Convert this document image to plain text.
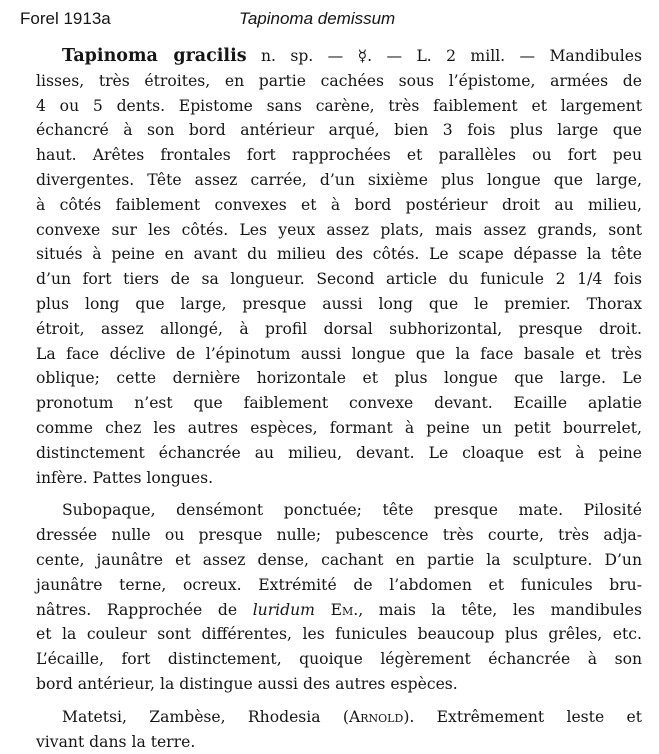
Forel 1913a	Tapinoma demissum
Tapinoma gracilis n. sp. — ☿. — L. 2 mill. — Mandibules
lisses, très étroites, en partie cachées sous l’épistome, armées de
4 ou 5 dents. Epistome sans carène, très faiblement et largement
échancré à son bord antérieur arqué, bien 3 fois plus large que
haut. Arêtes frontales fort rapprochées et parallèles ou fort peu
divergentes. Tête assez carrée, d’un sixième plus longue que large,
à côtés faiblement convexes et à bord postérieur droit au milieu,
convexe sur les côtés. Les yeux assez plats, mais assez grands, sont
situés à peine en avant du milieu des côtés. Le scape dépasse la tête
d’un fort tiers de sa longueur. Second article du funicule 2 1/4 fois
plus long que large, presque aussi long que le premier. Thorax
étroit, assez allongé, à profil dorsal subhorizontal, presque droit.
La face déclive de l’épinotum aussi longue que la face basale et très
oblique; cette dernière horizontale et plus longue que large. Le
pronotum n’est que faiblement convexe devant. Ecaille aplatie
comme chez les autres espèces, formant à peine un petit bourrelet,
distinctement échancrée au milieu, devant. Le cloaque est à peine
infère. Pattes longues.
Subopaque, densémont ponctuée; tête presque mate. Pilosité
dressée nulle ou presque nulle; pubescence très courte, très adja-
cente, jaunâtre et assez dense, cachant en partie la sculpture. D’un
jaunâtre terne, ocreux. Extrémité de l’abdomen et funicules bru-
nâtres. Rapprochée de luridum Em., mais la tête, les mandibules
et la couleur sont différentes, les funicules beaucoup plus grêles, etc.
L’écaille, fort distinctement, quoique légèrement échancrée à son
bord antérieur, la distingue aussi des autres espèces.
Matetsi, Zambèse, Rhodesia (Arnold). Extrêmement leste et
vivant dans la terre.
